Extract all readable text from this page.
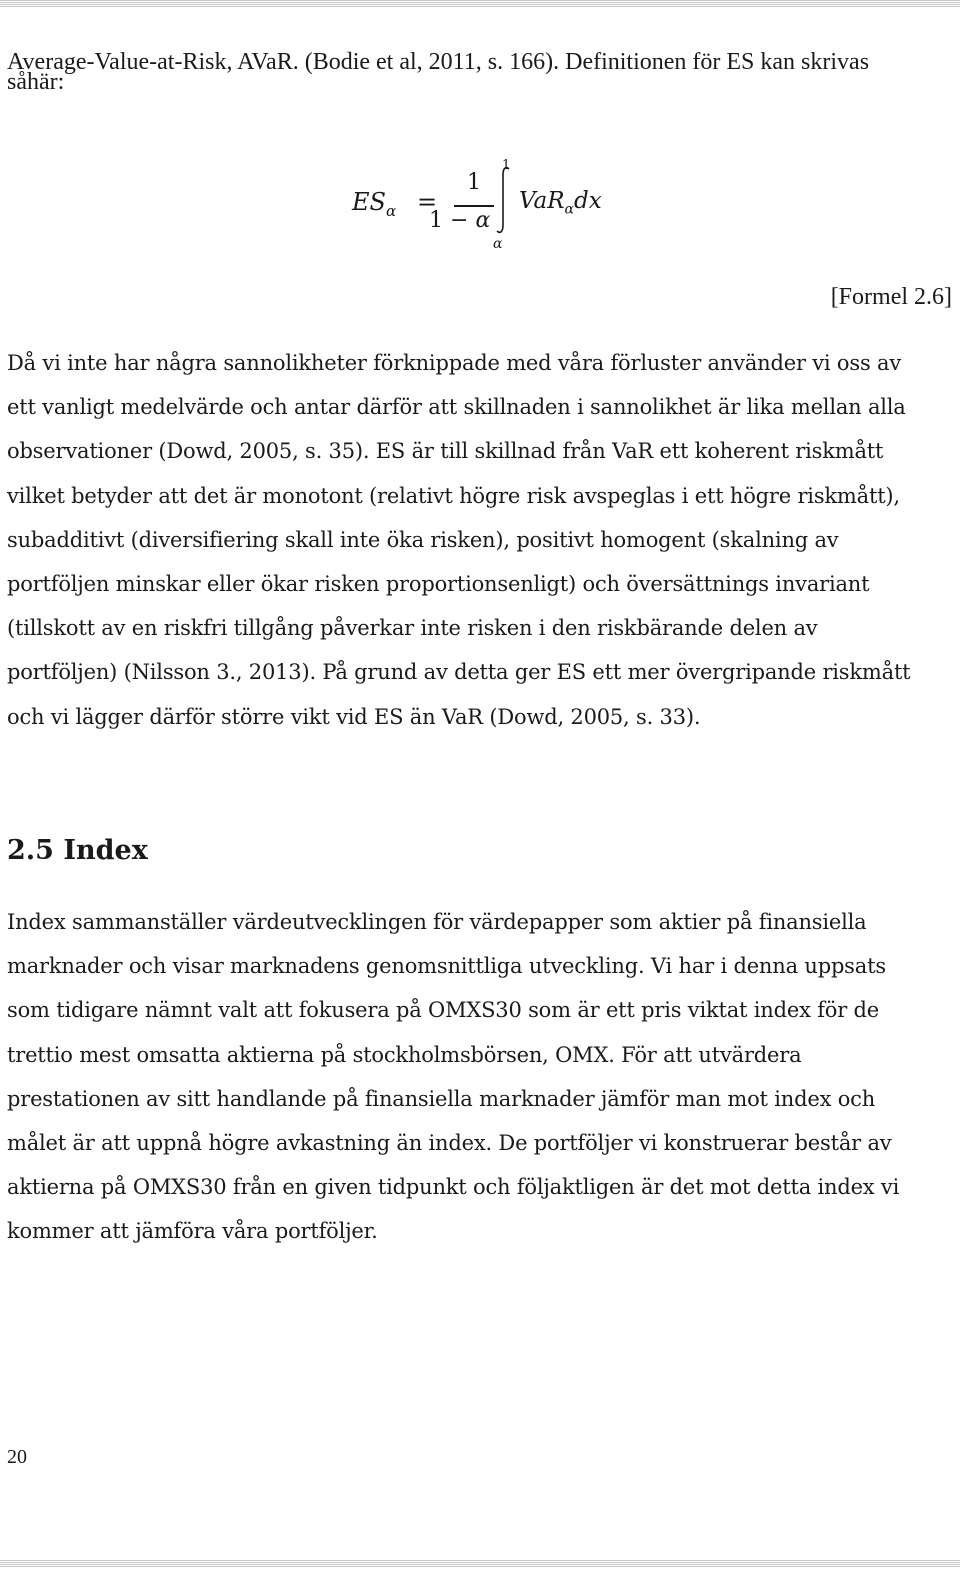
Average-Value-at-Risk, AVaR. (Bodie et al, 2011, s. 166). Definitionen för ES kan skrivas

såhär:

$ES_\alpha$ =
1
1 − α
1
α
VaR$_\alpha$dx
[Formel 2.6]

Då vi inte har några sannolikheter förknippade med våra förluster använder vi oss av
ett vanligt medelvärde och antar därför att skillnaden i sannolikhet är lika mellan alla
observationer (Dowd, 2005, s. 35). ES är till skillnad från VaR ett koherent riskmått
vilket betyder att det är monotont (relativt högre risk avspeglas i ett högre riskmått),
subadditivt (diversifiering skall inte öka risken), positivt homogent (skalning av
portföljen minskar eller ökar risken proportionsenligt) och översättnings invariant
(tillskott av en riskfri tillgång påverkar inte risken i den riskbärande delen av
portföljen) (Nilsson 3., 2013). På grund av detta ger ES ett mer övergripande riskmått
och vi lägger därför större vikt vid ES än VaR (Dowd, 2005, s. 33).

2.5 Index

Index sammanställer värdeutvecklingen för värdepapper som aktier på finansiella
marknader och visar marknadens genomsnittliga utveckling. Vi har i denna uppsats
som tidigare nämnt valt att fokusera på OMXS30 som är ett pris viktat index för de
trettio mest omsatta aktierna på stockholmsbörsen, OMX. För att utvärdera
prestationen av sitt handlande på finansiella marknader jämför man mot index och
målet är att uppnå högre avkastning än index. De portföljer vi konstruerar består av
aktierna på OMXS30 från en given tidpunkt och följaktligen är det mot detta index vi
kommer att jämföra våra portföljer.

20
